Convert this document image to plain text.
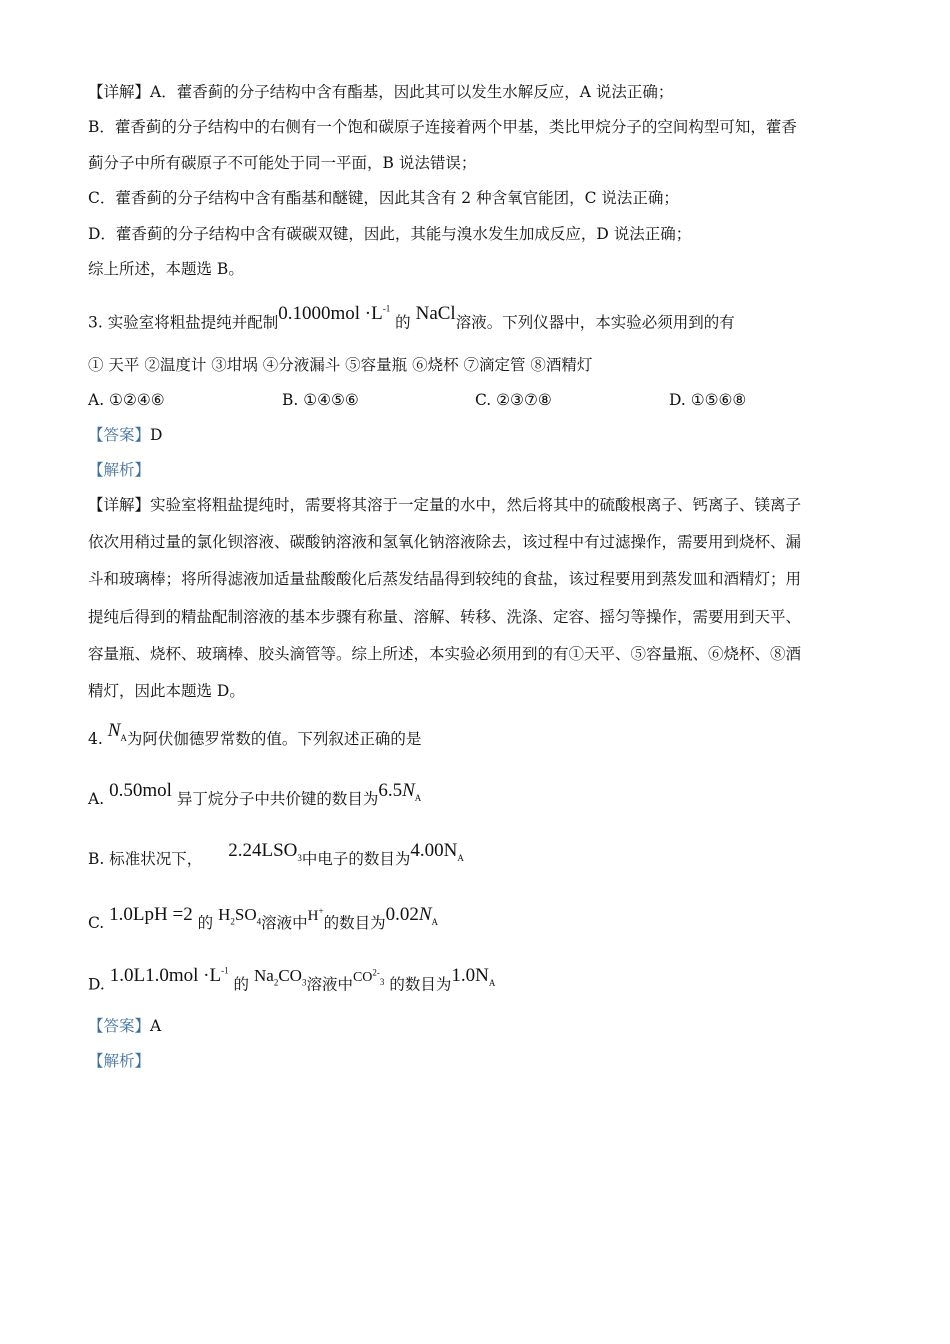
【详解】A．藿香蓟的分子结构中含有酯基，因此其可以发生水解反应，A 说法正确；
B．藿香蓟的分子结构中的右侧有一个饱和碳原子连接着两个甲基，类比甲烷分子的空间构型可知，藿香
蓟分子中所有碳原子不可能处于同一平面，B 说法错误；
C．藿香蓟的分子结构中含有酯基和醚键，因此其含有 2 种含氧官能团，C 说法正确；
D．藿香蓟的分子结构中含有碳碳双键，因此，其能与溴水发生加成反应，D 说法正确；
综上所述，本题选 B。
3. 实验室将粗盐提纯并配制$0.1000mol \cdot L^{-1}$ 的 NaCl溶液。下列仪器中，本实验必须用到的有
① 天平 ②温度计 ③坩埚 ④分液漏斗 ⑤容量瓶 ⑥烧杯 ⑦滴定管 ⑧酒精灯
A. ①②④⑥	B. ①④⑤⑥	C. ②③⑦⑧	D. ①⑤⑥⑧
【答案】D
【解析】
【详解】实验室将粗盐提纯时，需要将其溶于一定量的水中，然后将其中的硫酸根离子、钙离子、镁离子
依次用稍过量的氯化钡溶液、碳酸钠溶液和氢氧化钠溶液除去，该过程中有过滤操作，需要用到烧杯、漏
斗和玻璃棒；将所得滤液加适量盐酸酸化后蒸发结晶得到较纯的食盐，该过程要用到蒸发皿和酒精灯；用
提纯后得到的精盐配制溶液的基本步骤有称量、溶解、转移、洗涤、定容、摇匀等操作，需要用到天平、
容量瓶、烧杯、玻璃棒、胶头滴管等。综上所述，本实验必须用到的有①天平、⑤容量瓶、⑥烧杯、⑧酒
精灯，因此本题选 D。
4. $N_A$为阿伏伽德罗常数的值。下列叙述正确的是
A. 0.50mol 异丁烷分子中共价键的数目为$6.5N_A$
B. 标准状况下， $2.24LSO_3$中电子的数目为$4.00N_A$
C. 1.0LpH =2 的 $H_2SO_4$溶液中H+的数目为$0.02N_A$
D. $1.0L1.0mol \cdot L^{-1}$ 的 $Na_2CO_3$溶液中$CO^{2-}_3$ 的数目为$1.0N_A$
【答案】A
【解析】
